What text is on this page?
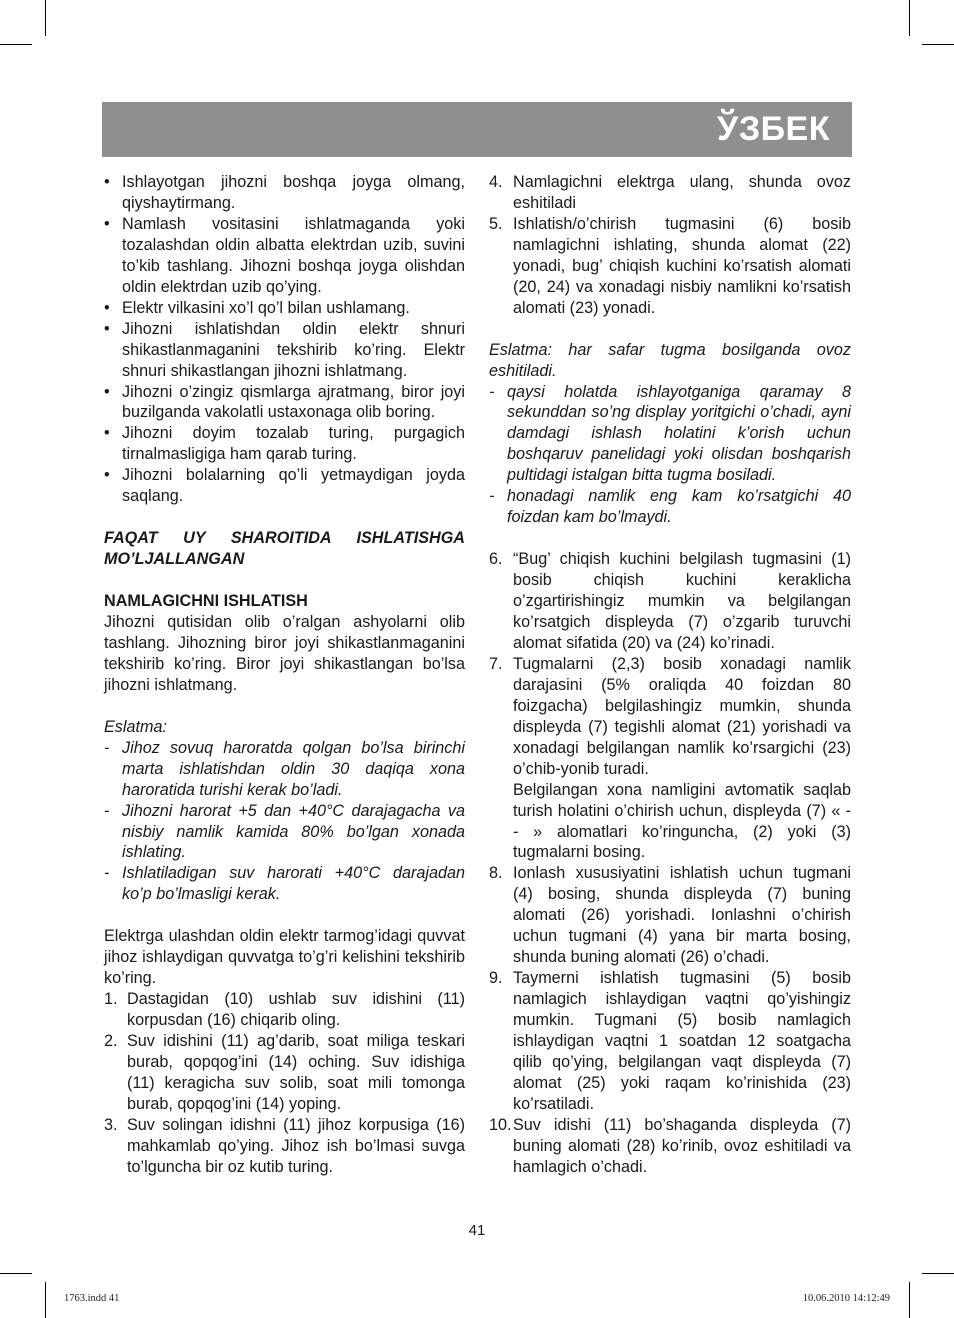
ЎЗБЕК
• Ishlayotgan jihozni boshqa joyga olmang, qiyshaytirmang.
• Namlash vositasini ishlatmaganda yoki tozalashdan oldin albatta elektrdan uzib, suvini to’kib tashlang. Jihozni boshqa joyga olishdan oldin elektrdan uzib qo’ying.
• Elektr vilkasini xo’l qo’l bilan ushlamang.
• Jihozni ishlatishdan oldin elektr shnuri shikastlanmaganini tekshirib ko’ring. Elektr shnuri shikastlangan jihozni ishlatmang.
• Jihozni o’zingiz qismlarga ajratmang, biror joyi buzilganda vakolatli ustaxonaga olib boring.
• Jihozni doyim tozalab turing, purgagich tirnalmasligiga ham qarab turing.
• Jihozni bolalarning qo’li yetmaydigan joyda saqlang.

FAQAT UY SHAROITIDA ISHLATISHGA MO’LJALLANGAN

NAMLAGICHNI ISHLATISH

Jihozni qutisidan olib o’ralgan ashyolarni olib tashlang. Jihozning biror joyi shikastlanmaganini tekshirib ko’ring. Biror joyi shikastlangan bo’lsa jihozni ishlatmang.

Eslatma:

- Jihoz sovuq haroratda qolgan bo’lsa birinchi marta ishlatishdan oldin 30 daqiqa xona haroratida turishi kerak bo’ladi.
- Jihozni harorat +5 dan +40°C darajagacha va nisbiy namlik kamida 80% bo’lgan xonada ishlating.
- Ishlatiladigan suv harorati +40°C darajadan ko’p bo’lmasligi kerak.

Elektrga ulashdan oldin elektr tarmog’idagi quvvat jihoz ishlaydigan quvvatga to’g’ri kelishini tekshirib ko’ring.

1. Dastagidan (10) ushlab suv idishini (11) korpusdan (16) chiqarib oling.
2. Suv idishini (11) ag’darib, soat miliga teskari burab, qopqog’ini (14) oching. Suv idishiga (11) keragicha suv solib, soat mili tomonga burab, qopqog’ini (14) yoping.
3. Suv solingan idishni (11) jihoz korpusiga (16) mahkamlab qo’ying. Jihoz ish bo’lmasi suvga to’lguncha bir oz kutib turing.
4. Namlagichni elektrga ulang, shunda ovoz eshitiladi
5. Ishlatish/o’chirish tugmasini (6) bosib namlagichni ishlating, shunda alomat (22) yonadi, bug’ chiqish kuchini ko’rsatish alomati (20, 24) va xonadagi nisbiy namlikni ko’rsatish alomati (23) yonadi.

Eslatma: har safar tugma bosilganda ovoz eshitiladi.

- qaysi holatda ishlayotganiga qaramay 8 sekunddan so’ng display yoritgichi o’chadi, ayni damdagi ishlash holatini k’orish uchun boshqaruv panelidagi yoki olisdan boshqarish pultidagi istalgan bitta tugma bosiladi.
- honadagi namlik eng kam ko’rsatgichi 40 foizdan kam bo’lmaydi.
6. “Bug’ chiqish kuchini belgilash tugmasini (1) bosib chiqish kuchini keraklicha o’zgartirishingiz mumkin va belgilangan ko’rsatgich displeyda (7) o’zgarib turuvchi alomat sifatida (20) va (24) ko’rinadi.
7. Tugmalarni (2,3) bosib xonadagi namlik darajasini (5% oraliqda 40 foizdan 80 foizgacha) belgilashingiz mumkin, shunda displeyda (7) tegishli alomat (21) yorishadi va xonadagi belgilangan namlik ko’rsargichi (23) o’chib-yonib turadi.
Belgilangan xona namligini avtomatik saqlab turish holatini o’chirish uchun, displeyda (7) « - - » alomatlari ko’ringuncha, (2) yoki (3) tugmalarni bosing.
8. Ionlash xususiyatini ishlatish uchun tugmani (4) bosing, shunda displeyda (7) buning alomati (26) yorishadi. Ionlashni o’chirish uchun tugmani (4) yana bir marta bosing, shunda buning alomati (26) o’chadi.
9. Taymerni ishlatish tugmasini (5) bosib namlagich ishlaydigan vaqtni qo’yishingiz mumkin. Tugmani (5) bosib namlagich ishlaydigan vaqtni 1 soatdan 12 soatgacha qilib qo’ying, belgilangan vaqt displeyda (7) alomat (25) yoki raqam ko’rinishida (23) ko’rsatiladi.
10. Suv idishi (11) bo’shaganda displeyda (7) buning alomati (28) ko’rinib, ovoz eshitiladi va hamlagich o’chadi.
41
1763.indd 41	10.06.2010 14:12:49
